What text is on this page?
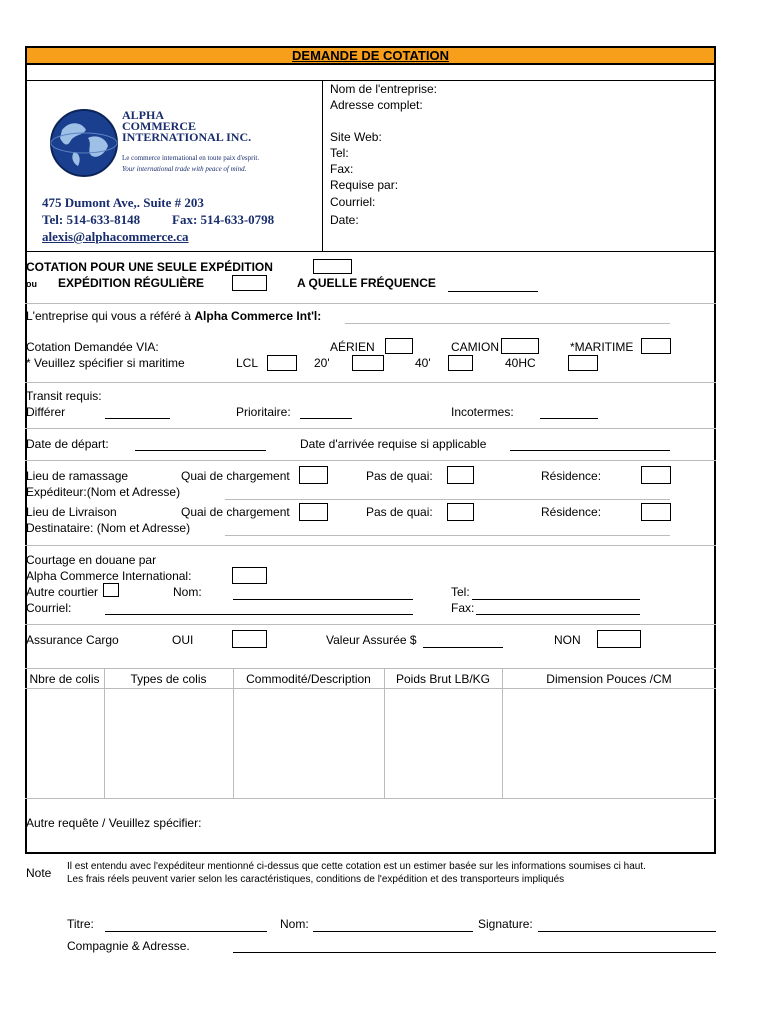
DEMANDE DE COTATION
ALPHA
COMMERCE
INTERNATIONAL INC.
Le commerce international en toute paix d'esprit.
Your international trade with peace of mind.
475 Dumont Ave,. Suite # 203
Tel: 514-633-8148 Fax: 514-633-0798
alexis@alphacommerce.ca
Nom de l'entreprise:
Adresse complet:
Site Web:
Tel:
Fax:
Requise par:
Courriel:
Date:
COTATION POUR UNE SEULE EXPÉDITION
ou EXPÉDITION RÉGULIÈRE	A QUELLE FRÉQUENCE
L'entreprise qui vous a référé à Alpha Commerce Int'l:
Cotation Demandée VIA:
* Veuillez spécifier si maritime
AÉRIEN	CAMION	*MARITIME
LCL	20'	40'	40HC
Transit requis:
Différer	Prioritaire:	Incotermes:
Date de départ:	Date d'arrivée requise si applicable
Lieu de ramassage	Quai de chargement	Pas de quai:	Résidence:
Expéditeur:(Nom et Adresse)
Lieu de Livraison	Quai de chargement	Pas de quai:	Résidence:
Destinataire: (Nom et Adresse)
Courtage en douane par
Alpha Commerce International:
Autre courtier	Nom:	Tel:
Courriel:	Fax:
Assurance Cargo	OUI	Valeur Assurée $	NON
Nbre de colis	Types de colis	Commodité/Description	Poids Brut LB/KG	Dimension Pouces /CM
Autre requête / Veuillez spécifier:
Note Il est entendu avec l'expéditeur mentionné ci-dessus que cette cotation est un estimer basée sur les informations soumises ci haut.
Les frais réels peuvent varier selon les caractéristiques, conditions de l'expédition et des transporteurs impliqués
Titre:	Nom:	Signature:
Compagnie & Adresse.
